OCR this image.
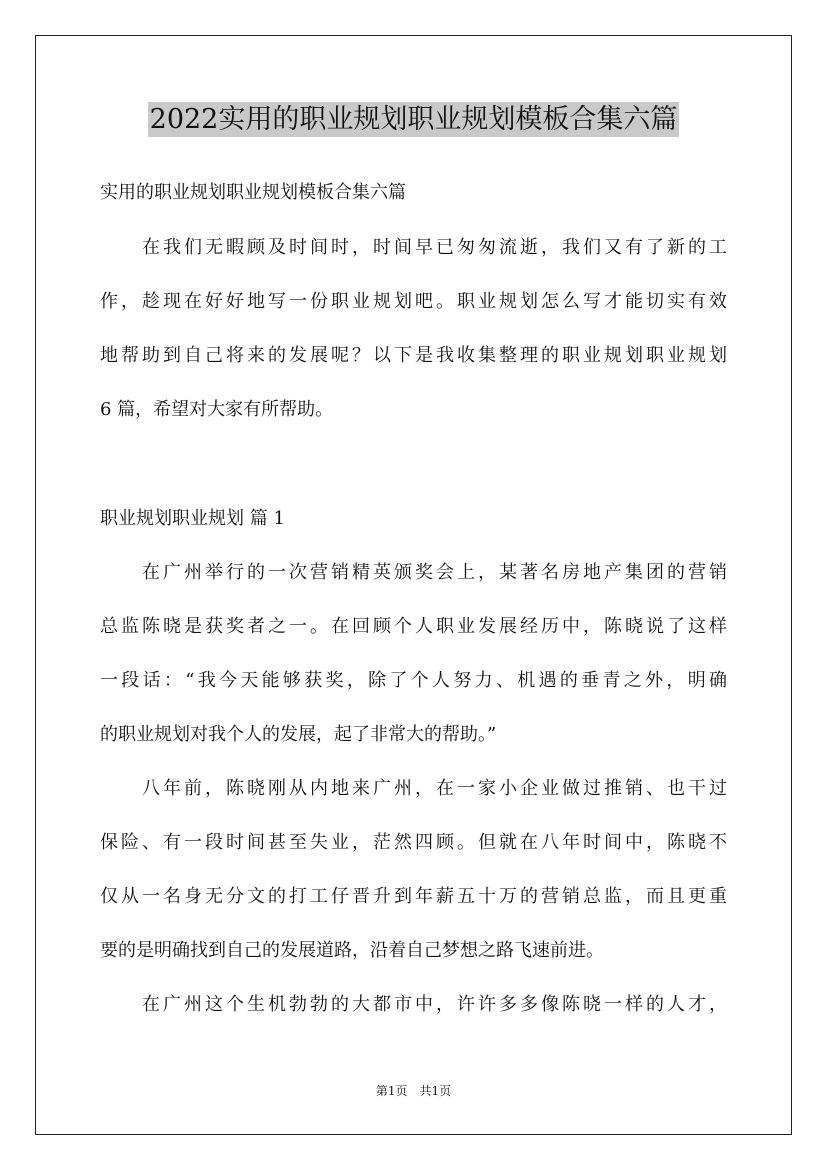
2022实用的职业规划职业规划模板合集六篇
实用的职业规划职业规划模板合集六篇
　　在我们无暇顾及时间时，时间早已匆匆流逝，我们又有了新的工
作，趁现在好好地写一份职业规划吧。职业规划怎么写才能切实有效
地帮助到自己将来的发展呢？以下是我收集整理的职业规划职业规划
6 篇，希望对大家有所帮助。
职业规划职业规划 篇 1
　　在广州举行的一次营销精英颁奖会上，某著名房地产集团的营销
总监陈晓是获奖者之一。在回顾个人职业发展经历中，陈晓说了这样
一段话：“我今天能够获奖，除了个人努力、机遇的垂青之外，明确
的职业规划对我个人的发展，起了非常大的帮助。”
　　八年前，陈晓刚从内地来广州，在一家小企业做过推销、也干过
保险、有一段时间甚至失业，茫然四顾。但就在八年时间中，陈晓不
仅从一名身无分文的打工仔晋升到年薪五十万的营销总监，而且更重
要的是明确找到自己的发展道路，沿着自己梦想之路飞速前进。
　　在广州这个生机勃勃的大都市中，许许多多像陈晓一样的人才，
第1页　共1页
